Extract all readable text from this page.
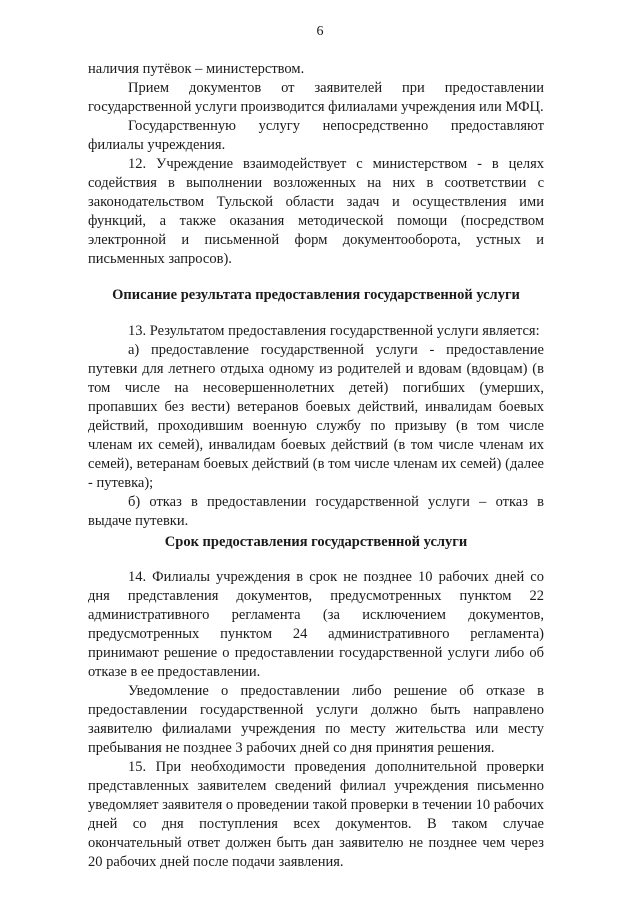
6

наличия путёвок – министерством.

Прием документов от заявителей при предоставлении государственной услуги производится филиалами учреждения или МФЦ.

Государственную услугу непосредственно предоставляют филиалы учреждения.

12. Учреждение взаимодействует с министерством - в целях содействия в выполнении возложенных на них в соответствии с законодательством Тульской области задач и осуществления ими функций, а также оказания методической помощи (посредством электронной и письменной форм документооборота, устных и письменных запросов).

Описание результата предоставления государственной услуги

13. Результатом предоставления государственной услуги является:

а) предоставление государственной услуги - предоставление путевки для летнего отдыха одному из родителей и вдовам (вдовцам) (в том числе на несовершеннолетних детей) погибших (умерших, пропавших без вести) ветеранов боевых действий, инвалидам боевых действий, проходившим военную службу по призыву (в том числе членам их семей), инвалидам боевых действий (в том числе членам их семей), ветеранам боевых действий (в том числе членам их семей) (далее - путевка);

б) отказ в предоставлении государственной услуги – отказ в выдаче путевки.

Срок предоставления государственной услуги

14. Филиалы учреждения в срок не позднее 10 рабочих дней со дня представления документов, предусмотренных пунктом 22 административного регламента (за исключением документов, предусмотренных пунктом 24 административного регламента) принимают решение о предоставлении государственной услуги либо об отказе в ее предоставлении.

Уведомление о предоставлении либо решение об отказе в предоставлении государственной услуги должно быть направлено заявителю филиалами учреждения по месту жительства или месту пребывания не позднее 3 рабочих дней со дня принятия решения.

15. При необходимости проведения дополнительной проверки представленных заявителем сведений филиал учреждения письменно уведомляет заявителя о проведении такой проверки в течении 10 рабочих дней со дня поступления всех документов. В таком случае окончательный ответ должен быть дан заявителю не позднее чем через 20 рабочих дней после подачи заявления.
